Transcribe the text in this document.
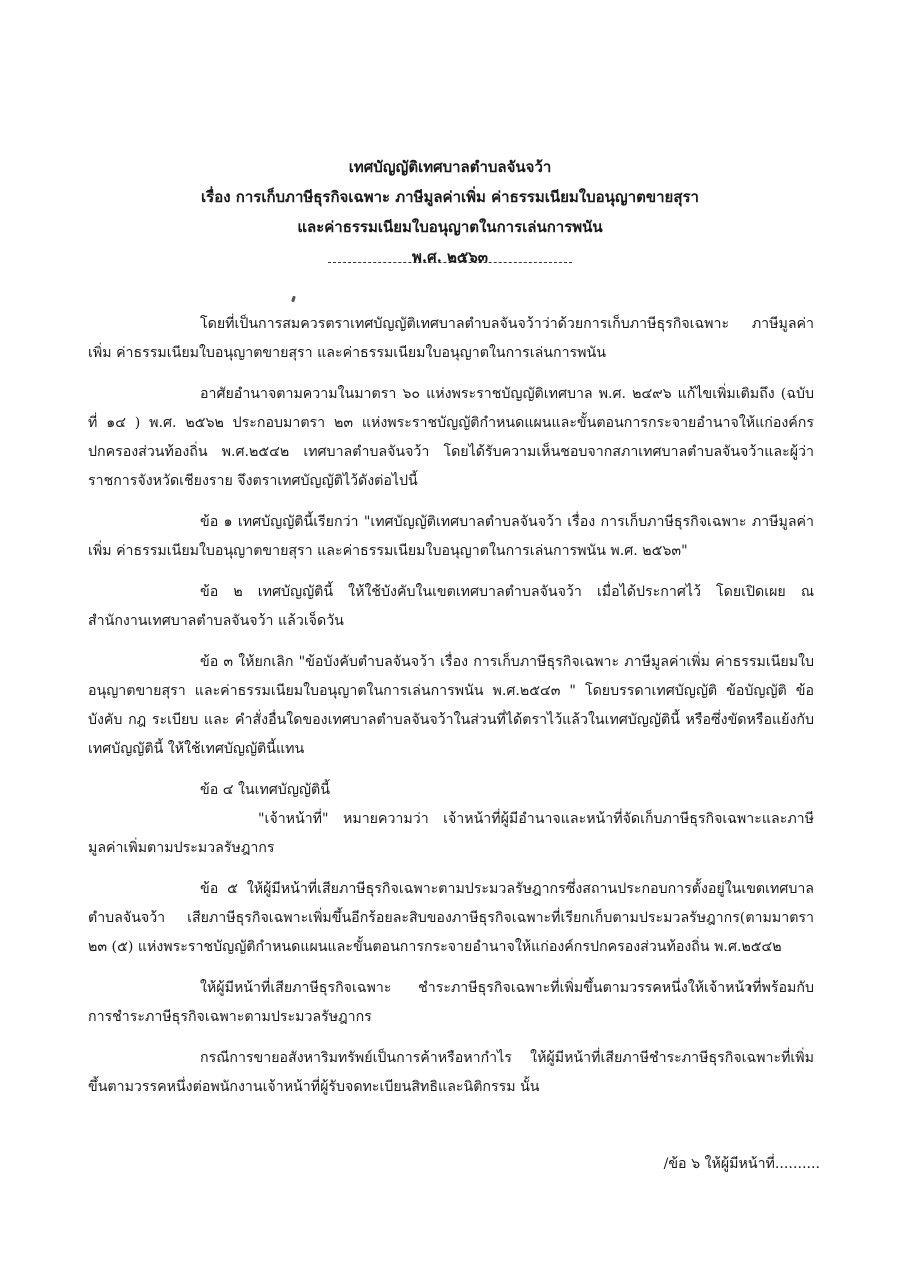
เทศบัญญัติเทศบาลตำบลจันจว้า
เรื่อง การเก็บภาษีธุรกิจเฉพาะ ภาษีมูลค่าเพิ่ม ค่าธรรมเนียมใบอนุญาตขายสุรา
และค่าธรรมเนียมใบอนุญาตในการเล่นการพนัน
พ.ศ. ๒๕๖๓

โดยที่เป็นการสมควรตราเทศบัญญัติเทศบาลตำบลจันจว้าว่าด้วยการเก็บภาษีธุรกิจเฉพาะ ภาษีมูลค่าเพิ่ม ค่าธรรมเนียมใบอนุญาตขายสุรา และค่าธรรมเนียมใบอนุญาตในการเล่นการพนัน

อาศัยอำนาจตามความในมาตรา ๖๐ แห่งพระราชบัญญัติเทศบาล พ.ศ. ๒๔๙๖ แก้ไขเพิ่มเติมถึง (ฉบับที่ ๑๔ ) พ.ศ. ๒๕๖๒ ประกอบมาตรา ๒๓ แห่งพระราชบัญญัติกำหนดแผนและขั้นตอนการกระจายอำนาจให้แก่องค์กรปกครองส่วนท้องถิ่น พ.ศ.๒๕๔๒ เทศบาลตำบลจันจว้า โดยได้รับความเห็นชอบจากสภาเทศบาลตำบลจันจว้าและผู้ว่าราชการจังหวัดเชียงราย จึงตราเทศบัญญัติไว้ดังต่อไปนี้

ข้อ ๑ เทศบัญญัตินี้เรียกว่า "เทศบัญญัติเทศบาลตำบลจันจว้า เรื่อง การเก็บภาษีธุรกิจเฉพาะ ภาษีมูลค่าเพิ่ม ค่าธรรมเนียมใบอนุญาตขายสุรา และค่าธรรมเนียมใบอนุญาตในการเล่นการพนัน พ.ศ. ๒๕๖๓"

ข้อ ๒ เทศบัญญัตินี้ ให้ใช้บังคับในเขตเทศบาลตำบลจันจว้า เมื่อได้ประกาศไว้ โดยเปิดเผย ณ สำนักงานเทศบาลตำบลจันจว้า แล้วเจ็ดวัน

ข้อ ๓ ให้ยกเลิก "ข้อบังคับตำบลจันจว้า เรื่อง การเก็บภาษีธุรกิจเฉพาะ ภาษีมูลค่าเพิ่ม ค่าธรรมเนียมใบอนุญาตขายสุรา และค่าธรรมเนียมใบอนุญาตในการเล่นการพนัน พ.ศ.๒๕๔๓ " โดยบรรดาเทศบัญญัติ ข้อบัญญัติ ข้อบังคับ กฎ ระเบียบ และ คำสั่งอื่นใดของเทศบาลตำบลจันจว้าในส่วนที่ได้ตราไว้แล้วในเทศบัญญัตินี้ หรือซึ่งขัดหรือแย้งกับเทศบัญญัตินี้ ให้ใช้เทศบัญญัตินี้แทน

ข้อ ๔ ในเทศบัญญัตินี้

"เจ้าหน้าที่" หมายความว่า เจ้าหน้าที่ผู้มีอำนาจและหน้าที่จัดเก็บภาษีธุรกิจเฉพาะและภาษีมูลค่าเพิ่มตามประมวลรัษฎากร

ข้อ ๕ ให้ผู้มีหน้าที่เสียภาษีธุรกิจเฉพาะตามประมวลรัษฎากรซึ่งสถานประกอบการตั้งอยู่ในเขตเทศบาลตำบลจันจว้า เสียภาษีธุรกิจเฉพาะเพิ่มขึ้นอีกร้อยละสิบของภาษีธุรกิจเฉพาะที่เรียกเก็บตามประมวลรัษฎากร(ตามมาตรา ๒๓ (๕) แห่งพระราชบัญญัติกำหนดแผนและขั้นตอนการกระจายอำนาจให้แก่องค์กรปกครองส่วนท้องถิ่น พ.ศ.๒๕๔๒

ให้ผู้มีหน้าที่เสียภาษีธุรกิจเฉพาะ ชำระภาษีธุรกิจเฉพาะที่เพิ่มขึ้นตามวรรคหนึ่งให้เจ้าหน้าที่พร้อมกับการชำระภาษีธุรกิจเฉพาะตามประมวลรัษฎากร

กรณีการขายอสังหาริมทรัพย์เป็นการค้าหรือหากำไร ให้ผู้มีหน้าที่เสียภาษีชำระภาษีธุรกิจเฉพาะที่เพิ่มขึ้นตามวรรคหนึ่งต่อพนักงานเจ้าหน้าที่ผู้รับจดทะเบียนสิทธิและนิติกรรม นั้น

/ข้อ ๖ ให้ผู้มีหน้าที่..........
